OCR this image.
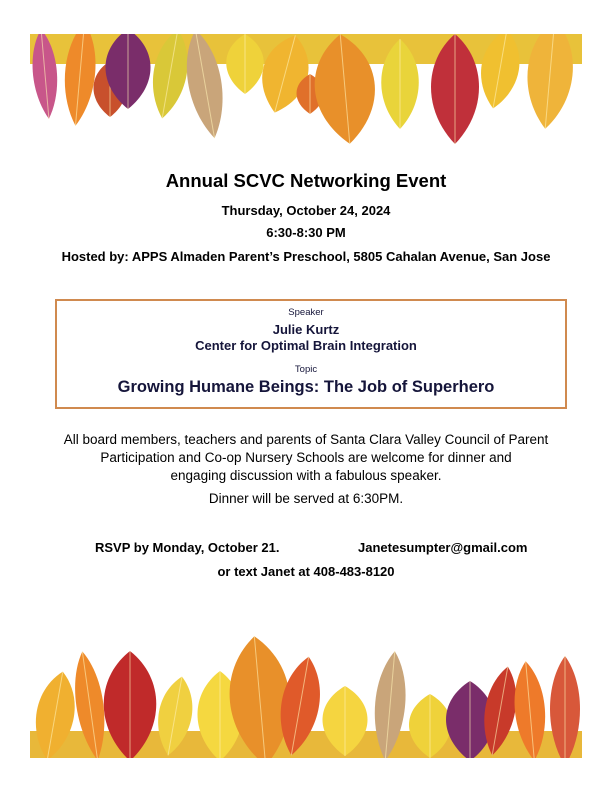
Annual SCVC Networking Event
Thursday, October 24, 2024
6:30-8:30 PM
Hosted by: APPS Almaden Parent’s Preschool, 5805 Cahalan Avenue, San Jose
Speaker
Julie Kurtz
Center for Optimal Brain Integration
Topic
Growing Humane Beings: The Job of Superhero
All board members, teachers and parents of Santa Clara Valley Council of Parent
Participation and Co-op Nursery Schools are welcome for dinner and
engaging discussion with a fabulous speaker.
Dinner will be served at 6:30PM.
RSVP by Monday, October 21.	Janetesumpter@gmail.com
or text Janet at 408-483-8120
